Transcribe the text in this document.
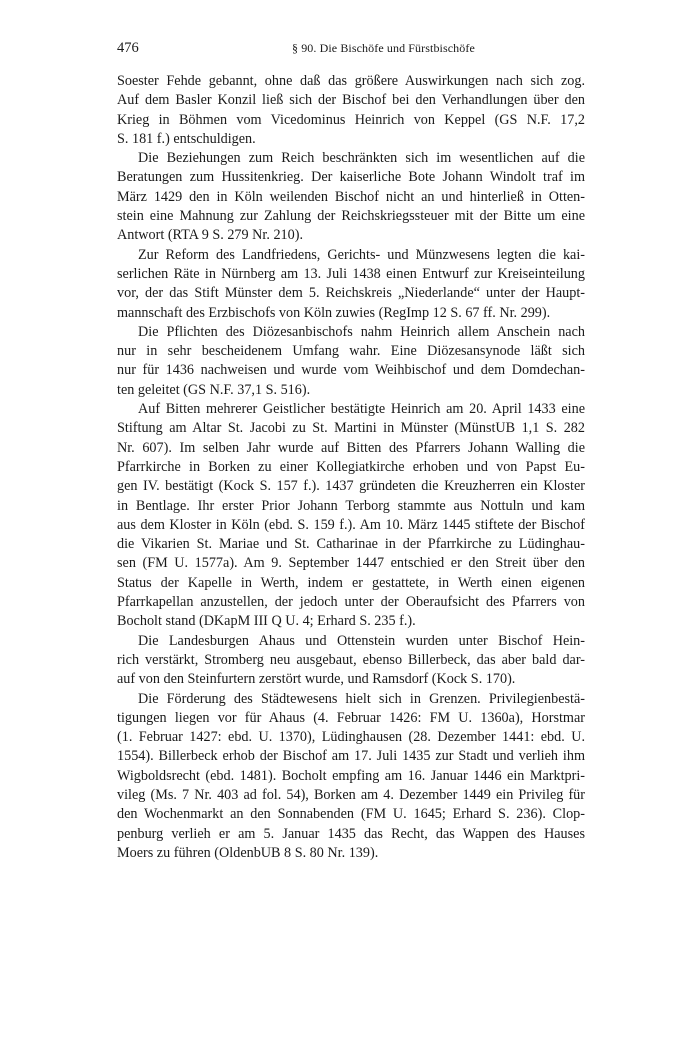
476	§ 90. Die Bischöfe und Fürstbischöfe

Soester Fehde gebannt, ohne daß das größere Auswirkungen nach sich zog.
Auf dem Basler Konzil ließ sich der Bischof bei den Verhandlungen über den
Krieg in Böhmen vom Vicedominus Heinrich von Keppel (GS N.F. 17,2
S. 181 f.) entschuldigen.

Die Beziehungen zum Reich beschränkten sich im wesentlichen auf die
Beratungen zum Hussitenkrieg. Der kaiserliche Bote Johann Windolt traf im
März 1429 den in Köln weilenden Bischof nicht an und hinterließ in Otten-
stein eine Mahnung zur Zahlung der Reichskriegssteuer mit der Bitte um eine
Antwort (RTA 9 S. 279 Nr. 210).

Zur Reform des Landfriedens, Gerichts- und Münzwesens legten die kai-
serlichen Räte in Nürnberg am 13. Juli 1438 einen Entwurf zur Kreiseinteilung
vor, der das Stift Münster dem 5. Reichskreis „Niederlande“ unter der Haupt-
mannschaft des Erzbischofs von Köln zuwies (RegImp 12 S. 67 ff. Nr. 299).

Die Pflichten des Diözesanbischofs nahm Heinrich allem Anschein nach
nur in sehr bescheidenem Umfang wahr. Eine Diözesansynode läßt sich
nur für 1436 nachweisen und wurde vom Weihbischof und dem Domdechan-
ten geleitet (GS N.F. 37,1 S. 516).

Auf Bitten mehrerer Geistlicher bestätigte Heinrich am 20. April 1433 eine
Stiftung am Altar St. Jacobi zu St. Martini in Münster (MünstUB 1,1 S. 282
Nr. 607). Im selben Jahr wurde auf Bitten des Pfarrers Johann Walling die
Pfarrkirche in Borken zu einer Kollegiatkirche erhoben und von Papst Eu-
gen IV. bestätigt (Kock S. 157 f.). 1437 gründeten die Kreuzherren ein Kloster
in Bentlage. Ihr erster Prior Johann Terborg stammte aus Nottuln und kam
aus dem Kloster in Köln (ebd. S. 159 f.). Am 10. März 1445 stiftete der Bischof
die Vikarien St. Mariae und St. Catharinae in der Pfarrkirche zu Lüdinghau-
sen (FM U. 1577a). Am 9. September 1447 entschied er den Streit über den
Status der Kapelle in Werth, indem er gestattete, in Werth einen eigenen
Pfarrkapellan anzustellen, der jedoch unter der Oberaufsicht des Pfarrers von
Bocholt stand (DKapM III Q U. 4; Erhard S. 235 f.).

Die Landesburgen Ahaus und Ottenstein wurden unter Bischof Hein-
rich verstärkt, Stromberg neu ausgebaut, ebenso Billerbeck, das aber bald dar-
auf von den Steinfurtern zerstört wurde, und Ramsdorf (Kock S. 170).

Die Förderung des Städtewesens hielt sich in Grenzen. Privilegienbestä-
tigungen liegen vor für Ahaus (4. Februar 1426: FM U. 1360a), Horstmar
(1. Februar 1427: ebd. U. 1370), Lüdinghausen (28. Dezember 1441: ebd. U.
1554). Billerbeck erhob der Bischof am 17. Juli 1435 zur Stadt und verlieh ihm
Wigboldsrecht (ebd. 1481). Bocholt empfing am 16. Januar 1446 ein Marktpri-
vileg (Ms. 7 Nr. 403 ad fol. 54), Borken am 4. Dezember 1449 ein Privileg für
den Wochenmarkt an den Sonnabenden (FM U. 1645; Erhard S. 236). Clop-
penburg verlieh er am 5. Januar 1435 das Recht, das Wappen des Hauses
Moers zu führen (OldenbUB 8 S. 80 Nr. 139).
